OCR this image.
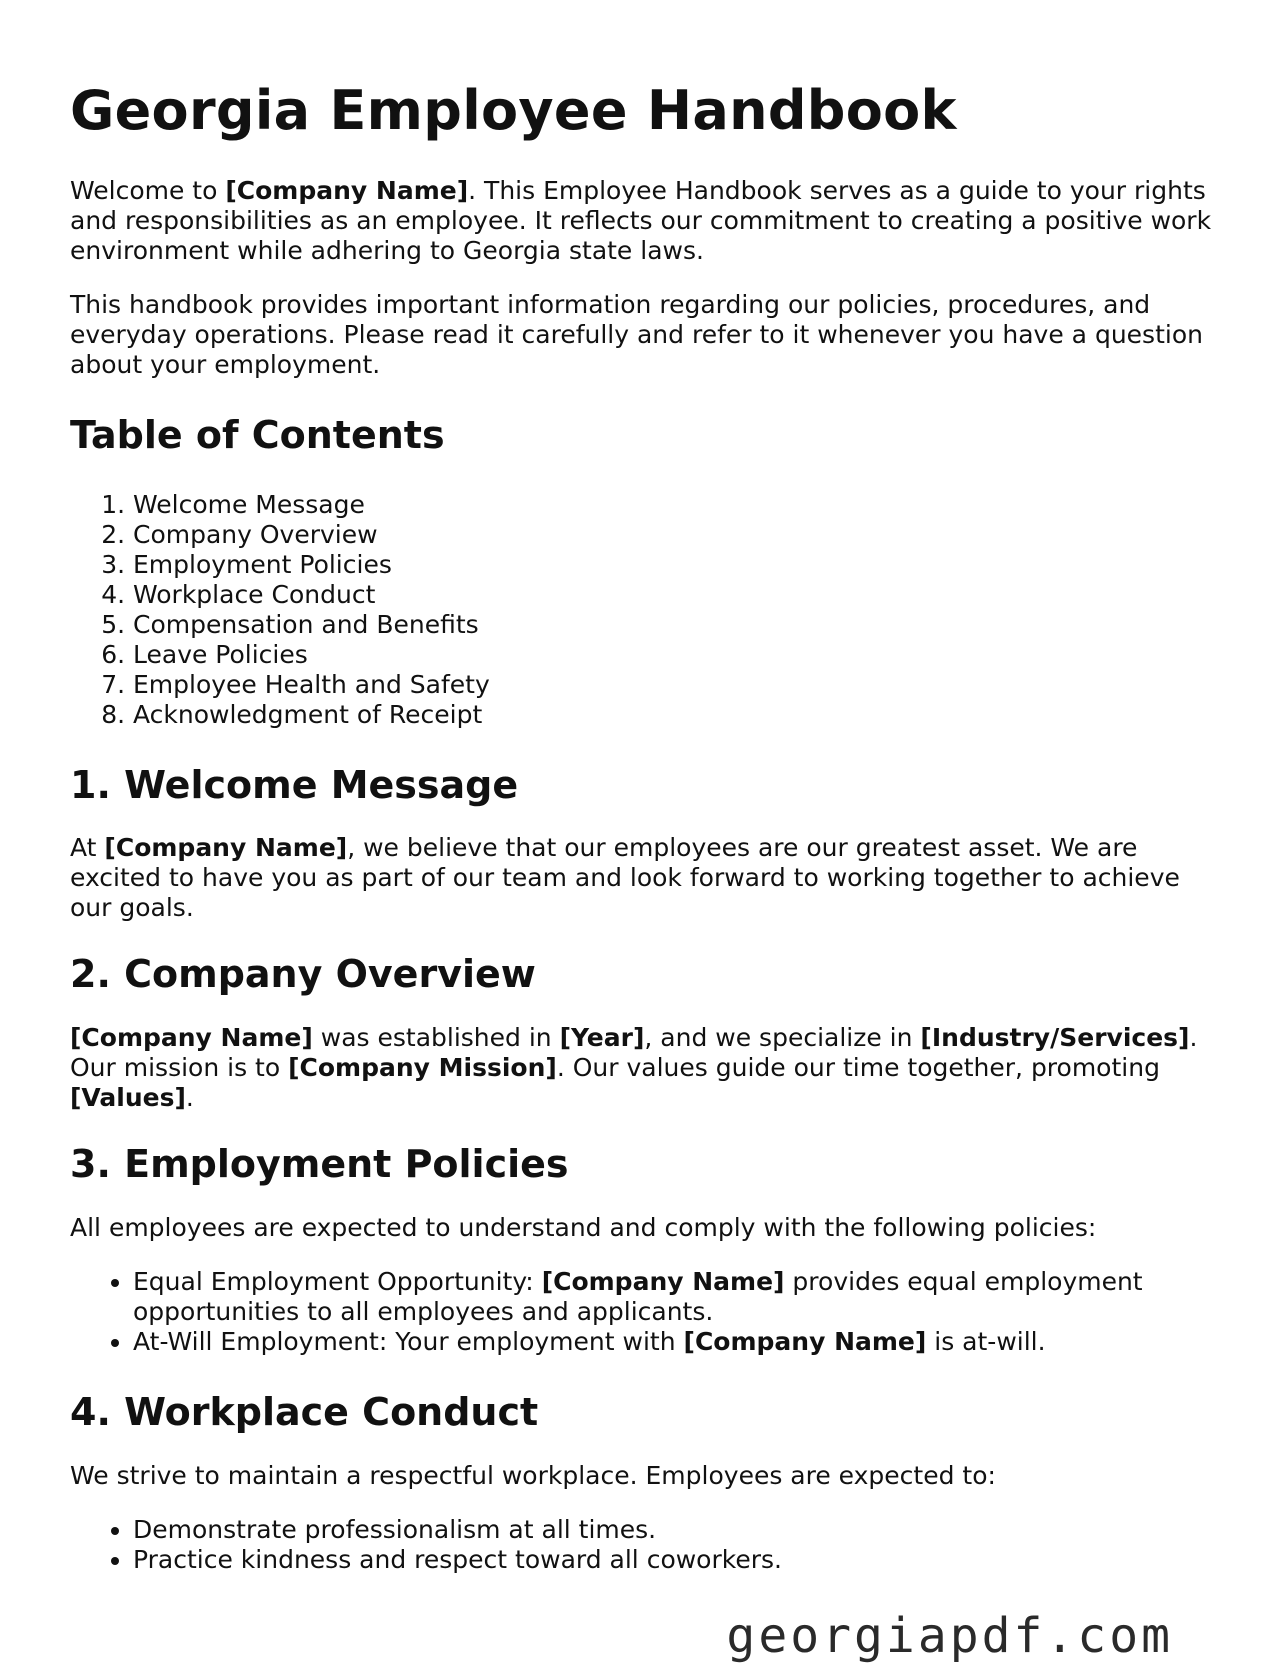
Georgia Employee Handbook

Welcome to [Company Name]. This Employee Handbook serves as a guide to your rights and responsibilities as an employee. It reflects our commitment to creating a positive work environment while adhering to Georgia state laws.

This handbook provides important information regarding our policies, procedures, and everyday operations. Please read it carefully and refer to it whenever you have a question about your employment.

Table of Contents
1. Welcome Message
2. Company Overview
3. Employment Policies
4. Workplace Conduct
5. Compensation and Benefits
6. Leave Policies
7. Employee Health and Safety
8. Acknowledgment of Receipt
1. Welcome Message

At [Company Name], we believe that our employees are our greatest asset. We are excited to have you as part of our team and look forward to working together to achieve our goals.

2. Company Overview

[Company Name] was established in [Year], and we specialize in [Industry/Services]. Our mission is to [Company Mission]. Our values guide our time together, promoting [Values].

3. Employment Policies

All employees are expected to understand and comply with the following policies:

• Equal Employment Opportunity: [Company Name] provides equal employment opportunities to all employees and applicants.
• At-Will Employment: Your employment with [Company Name] is at-will.
4. Workplace Conduct

We strive to maintain a respectful workplace. Employees are expected to:

• Demonstrate professionalism at all times.
• Practice kindness and respect toward all coworkers.
georgiapdf.com
